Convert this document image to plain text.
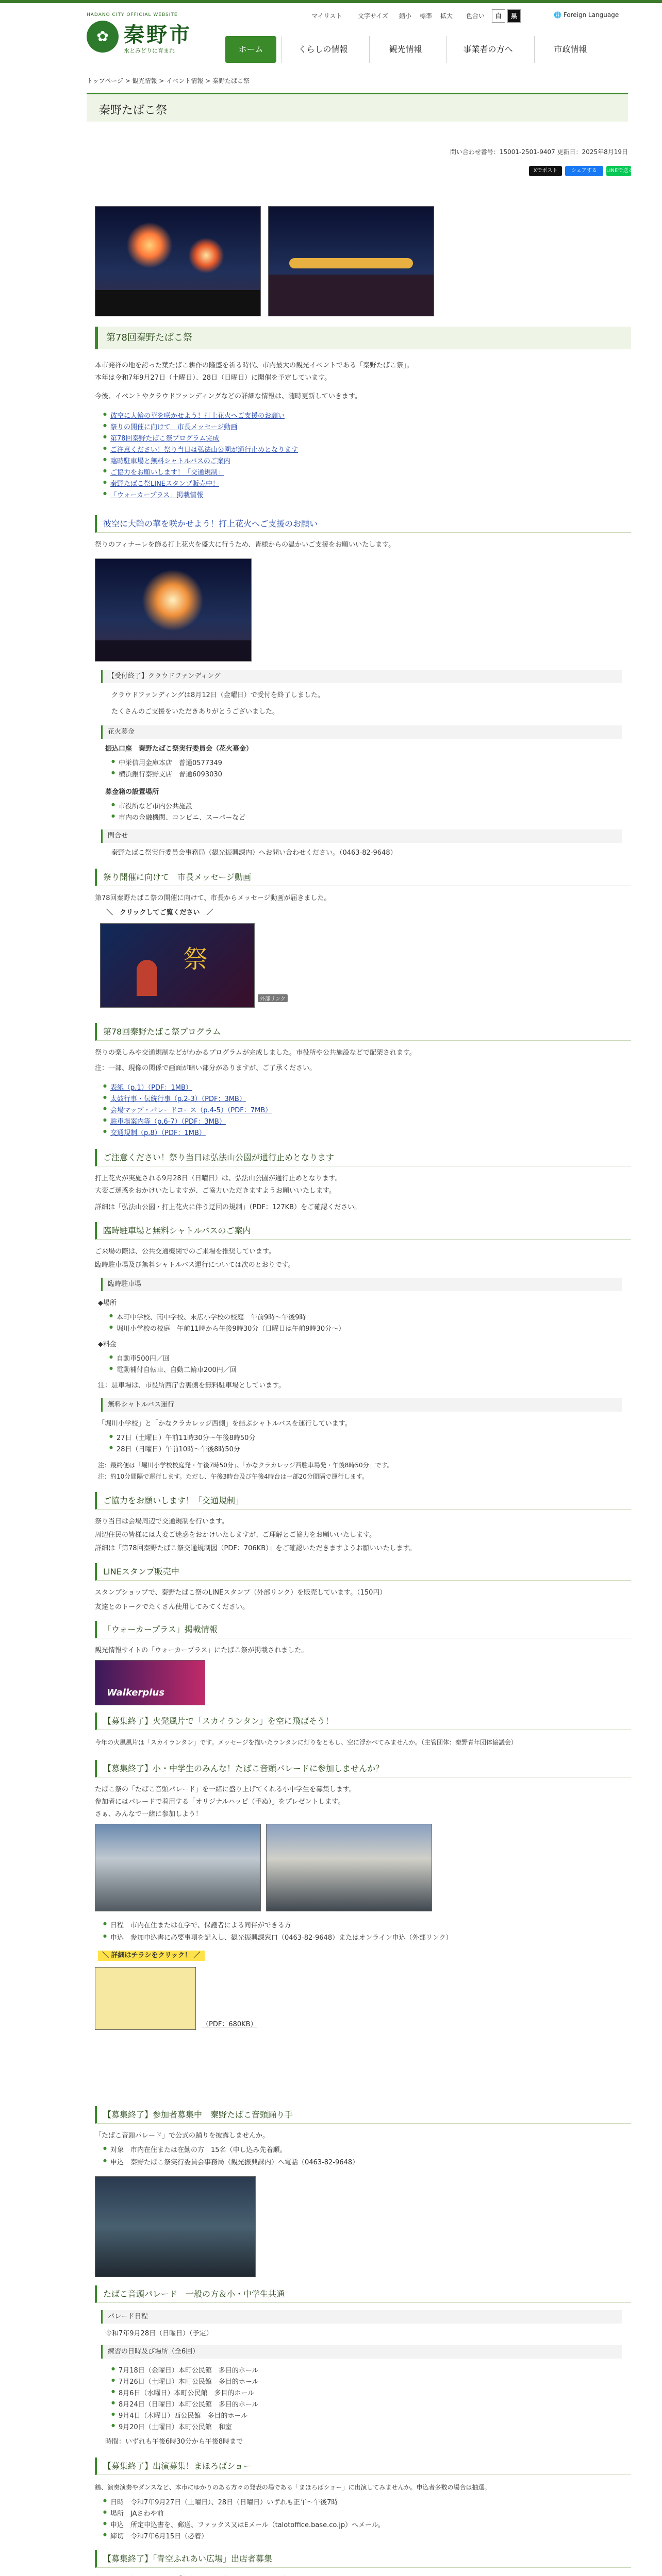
HADANO CITY OFFICIAL WEBSITE
✿ 秦野市
水とみどりに育まれ
マイリスト	文字サイズ 縮小 標準 拡大 色合い	白	黒	🌐 Foreign Language
ホーム	くらしの情報	観光情報	事業者の方へ	市政情報
トップページ > 観光情報 > イベント情報 > 秦野たばこ祭
秦野たばこ祭
問い合わせ番号：15001-2501-9407 更新日：2025年8月19日
Xでポスト	シェアする	LINEで送る
第78回秦野たばこ祭
本市発祥の地を誇った葉たばこ耕作の隆盛を祈る時代、市内最大の観光イベントである「秦野たばこ祭」。
本年は令和7年9月27日（土曜日）、28日（日曜日）に開催を予定しています。
今後、イベントやクラウドファンディングなどの詳細な情報は、随時更新していきます。
● 彼空に大輪の華を咲かせよう！打上花火へご支援のお願い
● 祭りの開催に向けて　市長メッセージ動画
● 第78回秦野たばこ祭プログラム完成
● ご注意ください！祭り当日は弘法山公園が通行止めとなります
● 臨時駐車場と無料シャトルバスのご案内
● ご協力をお願いします！「交通規制」
● 秦野たばこ祭LINEスタンプ販売中！
● 「ウォーカープラス」掲載情報
彼空に大輪の華を咲かせよう！打上花火へご支援のお願い
祭りのフィナーレを飾る打上花火を盛大に行うため、皆様からの温かいご支援をお願いいたします。
【受付終了】クラウドファンディング
クラウドファンディングは8月12日（金曜日）で受付を終了しました。
たくさんのご支援をいただきありがとうございました。
花火募金
振込口座　秦野たばこ祭実行委員会（花火募金）
● 中栄信用金庫本店　普通0577349
● 横浜銀行秦野支店　普通6093030
募金箱の設置場所
● 市役所など市内公共施設
● 市内の金融機関、コンビニ、スーパーなど
問合せ
秦野たばこ祭実行委員会事務局（観光振興課内）へお問い合わせください。（0463-82-9648）
祭り開催に向けて　市長メッセージ動画
第78回秦野たばこ祭の開催に向けて、市長からメッセージ動画が届きました。
＼　クリックしてご覧ください　／
祭
外部リンク
第78回秦野たばこ祭プログラム
祭りの楽しみや交通規制などがわかるプログラムが完成しました。市役所や公共施設などで配架されます。
注：一部、現像の関係で画面が暗い部分がありますが、ご了承ください。
● 表紙（p.1）（PDF：1MB）
● 太鼓行事・伝統行事（p.2-3）（PDF：3MB）
● 会場マップ・パレードコース（p.4-5）（PDF：7MB）
● 駐車場案内等（p.6-7）（PDF：3MB）
● 交通規制（p.8）（PDF：1MB）
ご注意ください！祭り当日は弘法山公園が通行止めとなります
打上花火が実施される9月28日（日曜日）は、弘法山公園が通行止めとなります。
大変ご迷惑をおかけいたしますが、ご協力いただきますようお願いいたします。
詳細は「弘法山公園・打上花火に伴う迂回の規制」（PDF：127KB）をご確認ください。
臨時駐車場と無料シャトルバスのご案内
ご来場の際は、公共交通機関でのご来場を推奨しています。
臨時駐車場及び無料シャトルバス運行については次のとおりです。
臨時駐車場
◆場所
● 本町中学校、南中学校、末広小学校の校庭　午前9時〜午後9時
● 堀川小学校の校庭　午前11時から午後9時30分（日曜日は午前9時30分〜）
◆料金
● 自動車500円／回
● 電動補付自転車、自動二輪車200円／回
注：駐車場は、市役所西庁舎裏側を無料駐車場としています。
無料シャトルバス運行
「堀川小学校」と「かなクラカレッジ西側」を結ぶシャトルバスを運行しています。
● 27日（土曜日）午前11時30分〜午後8時50分
● 28日（日曜日）午前10時〜午後8時50分
注：最終便は「堀川小学校校庭発・午後7時50分」、「かなクラカレッジ西駐車場発・午後8時50分」です。
注：約10分間隔で運行します。ただし、午後3時台及び午後4時台は一部20分間隔で運行します。
ご協力をお願いします！「交通規制」
祭り当日は会場周辺で交通規制を行います。
周辺住民の皆様には大変ご迷惑をおかけいたしますが、ご理解とご協力をお願いいたします。
詳細は「第78回秦野たばこ祭交通規制図（PDF：706KB）」をご確認いただきますようお願いいたします。
LINEスタンプ販売中
スタンプショップで、秦野たばこ祭のLINEスタンプ（外部リンク）を販売しています。（150円）
友達とのトークでたくさん使用してみてください。
「ウォーカープラス」掲載情報
観光情報サイトの「ウォーカープラス」にたばこ祭が掲載されました。
Walkerplus
【募集終了】火発風片で「スカイランタン」を空に飛ばそう！
今年の火風風片は「スカイランタン」です。メッセージを描いたランタンに灯りをともし、空に浮かべてみませんか。（主管団体：秦野青年団体協議会）
【募集終了】小・中学生のみんな！たばこ音頭パレードに参加しませんか？
たばこ祭の「たばこ音頭パレード」を一緒に盛り上げてくれる小中学生を募集します。
参加者にはパレードで着用する「オリジナルハッピ（手ぬ）」をプレゼントします。
さぁ、みんなで一緒に参加しよう！
● 日程　市内在住または在学で、保護者による同伴ができる方
● 申込　参加申込書に必要事項を記入し、観光振興課窓口（0463-82-9648）またはオンライン申込（外部リンク）
＼ 詳細はチラシをクリック！ ／
（PDF：680KB）
【募集終了】参加者募集中　秦野たばこ音頭踊り手
「たばこ音頭パレード」で公式の踊りを披露しませんか。
● 対象　市内在住または在勤の方　15名（申し込み先着順。
● 申込　秦野たばこ祭実行委員会事務局（観光振興課内）へ電話（0463-82-9648）
たばこ音頭パレード　一般の方＆小・中学生共通
パレード日程
令和7年9月28日（日曜日）（予定）
練習の日時及び場所（全6回）
● 7月18日（金曜日）本町公民館　多目的ホール
● 7月26日（土曜日）本町公民館　多目的ホール
● 8月6日（水曜日）本町公民館　多目的ホール
● 8月24日（日曜日）本町公民館　多目的ホール
● 9月4日（木曜日）西公民館　多目的ホール
● 9月20日（土曜日）本町公民館　和室
時間：いずれも午後6時30分から午後8時まで
【募集終了】出演募集！まほろばショー
鶴、演奏演奏やダンスなど、本市にゆかりのある方々の発表の場である「まほろばショー」に出演してみませんか。申込者多数の場合は抽選。
● 日時　令和7年9月27日（土曜日）、28日（日曜日）いずれも正午〜午後7時
● 場所　JAさわや前
● 申込　所定申込書を、郵送、ファックス又はEメール（talotoffice.base.co.jp）へメール。
● 締切　令和7年6月15日（必着）
【募集終了】「青空ふれあい広場」出店者募集
